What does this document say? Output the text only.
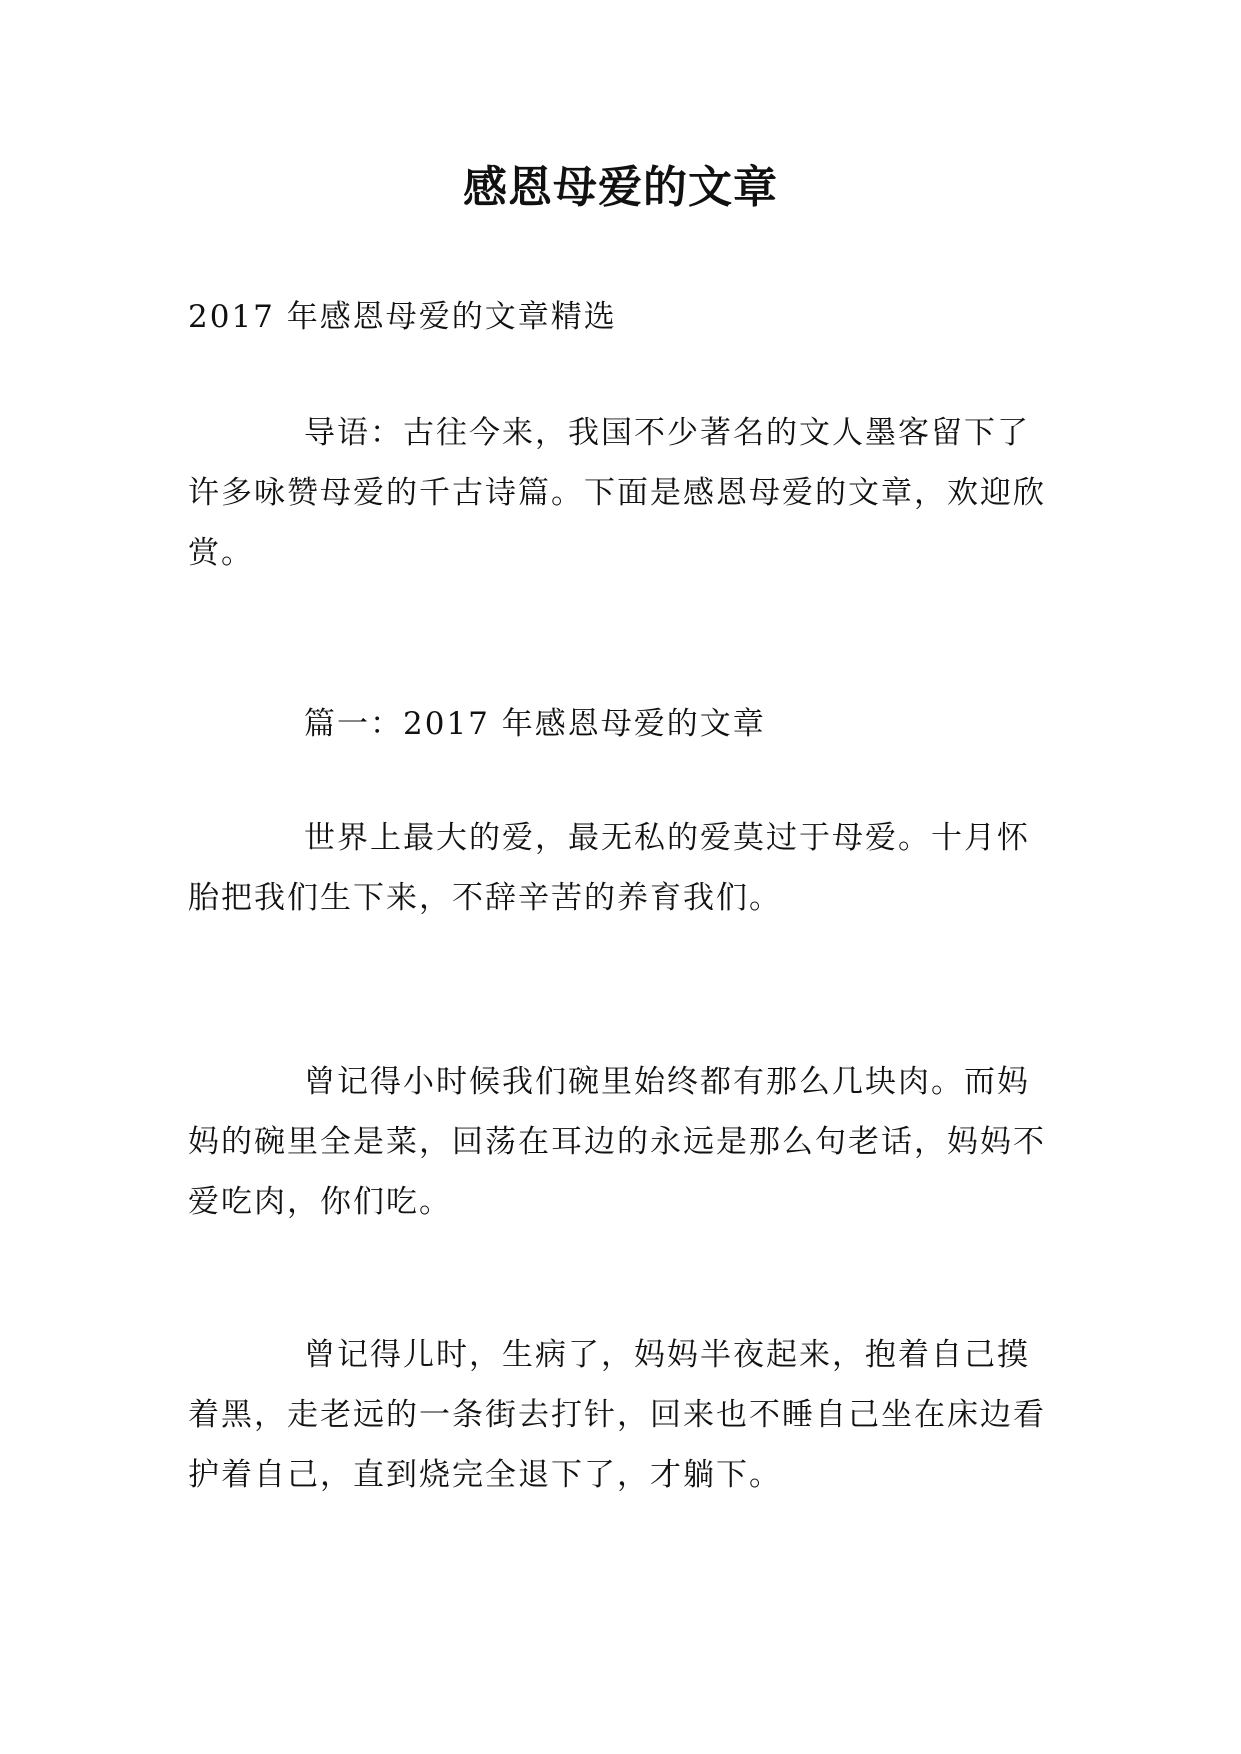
感恩母爱的文章

2017 年感恩母爱的文章精选

导语：古往今来，我国不少著名的文人墨客留下了许多咏赞母爱的千古诗篇。下面是感恩母爱的文章，欢迎欣赏。

篇一：2017 年感恩母爱的文章

世界上最大的爱，最无私的爱莫过于母爱。十月怀胎把我们生下来，不辞辛苦的养育我们。

曾记得小时候我们碗里始终都有那么几块肉。而妈妈的碗里全是菜，回荡在耳边的永远是那么句老话，妈妈不爱吃肉，你们吃。

曾记得儿时，生病了，妈妈半夜起来，抱着自己摸着黑，走老远的一条街去打针，回来也不睡自己坐在床边看护着自己，直到烧完全退下了，才躺下。
